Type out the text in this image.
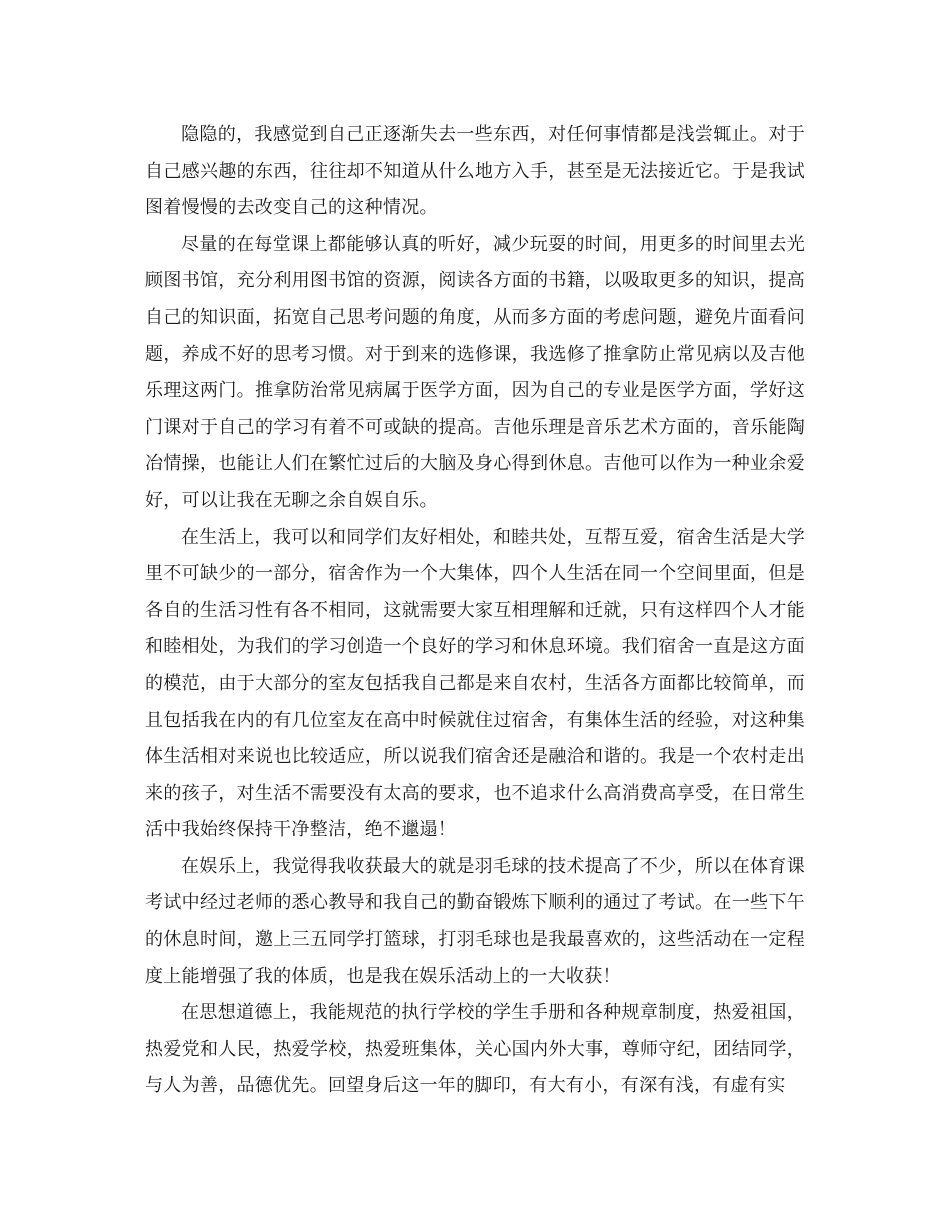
隐隐的，我感觉到自己正逐渐失去一些东西，对任何事情都是浅尝辄止。对于自己感兴趣的东西，往往却不知道从什么地方入手，甚至是无法接近它。于是我试图着慢慢的去改变自己的这种情况。

尽量的在每堂课上都能够认真的听好，减少玩耍的时间，用更多的时间里去光顾图书馆，充分利用图书馆的资源，阅读各方面的书籍，以吸取更多的知识，提高自己的知识面，拓宽自己思考问题的角度，从而多方面的考虑问题，避免片面看问题，养成不好的思考习惯。对于到来的选修课，我选修了推拿防止常见病以及吉他乐理这两门。推拿防治常见病属于医学方面，因为自己的专业是医学方面，学好这门课对于自己的学习有着不可或缺的提高。吉他乐理是音乐艺术方面的，音乐能陶冶情操，也能让人们在繁忙过后的大脑及身心得到休息。吉他可以作为一种业余爱好，可以让我在无聊之余自娱自乐。

在生活上，我可以和同学们友好相处，和睦共处，互帮互爱，宿舍生活是大学里不可缺少的一部分，宿舍作为一个大集体，四个人生活在同一个空间里面，但是各自的生活习性有各不相同，这就需要大家互相理解和迁就，只有这样四个人才能和睦相处，为我们的学习创造一个良好的学习和休息环境。我们宿舍一直是这方面的模范，由于大部分的室友包括我自己都是来自农村，生活各方面都比较简单，而且包括我在内的有几位室友在高中时候就住过宿舍，有集体生活的经验，对这种集体生活相对来说也比较适应，所以说我们宿舍还是融洽和谐的。我是一个农村走出来的孩子，对生活不需要没有太高的要求，也不追求什么高消费高享受，在日常生活中我始终保持干净整洁，绝不邋遢！

在娱乐上，我觉得我收获最大的就是羽毛球的技术提高了不少，所以在体育课考试中经过老师的悉心教导和我自己的勤奋锻炼下顺利的通过了考试。在一些下午的休息时间，邀上三五同学打篮球，打羽毛球也是我最喜欢的，这些活动在一定程度上能增强了我的体质，也是我在娱乐活动上的一大收获！

在思想道德上，我能规范的执行学校的学生手册和各种规章制度，热爱祖国，热爱党和人民，热爱学校，热爱班集体，关心国内外大事，尊师守纪，团结同学，与人为善，品德优先。回望身后这一年的脚印，有大有小，有深有浅，有虚有实
